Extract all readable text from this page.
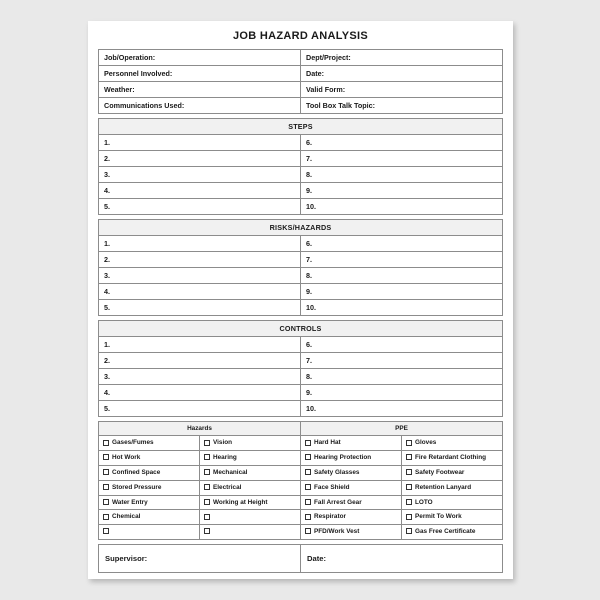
JOB HAZARD ANALYSIS
Job/Operation:	Dept/Project:
Personnel Involved:	Date:
Weather:	Valid Form:
Communications Used:	Tool Box Talk Topic:
STEPS	
1.	6.
2.	7.
3.	8.
4.	9.
5.	10.
RISKS/HAZARDS	
1.	6.
2.	7.
3.	8.
4.	9.
5.	10.
CONTROLS	
1.	6.
2.	7.
3.	8.
4.	9.
5.	10.
Hazards		PPE	
Gases/Fumes	Vision	Hard Hat	Gloves
Hot Work	Hearing	Hearing Protection	Fire Retardant Clothing
Confined Space	Mechanical	Safety Glasses	Safety Footwear
Stored Pressure	Electrical	Face Shield	Retention Lanyard
Water Entry	Working at Height	Fall Arrest Gear	LOTO
Chemical		Respirator	Permit To Work
		PFD/Work Vest	Gas Free Certificate
Supervisor:	Date:
